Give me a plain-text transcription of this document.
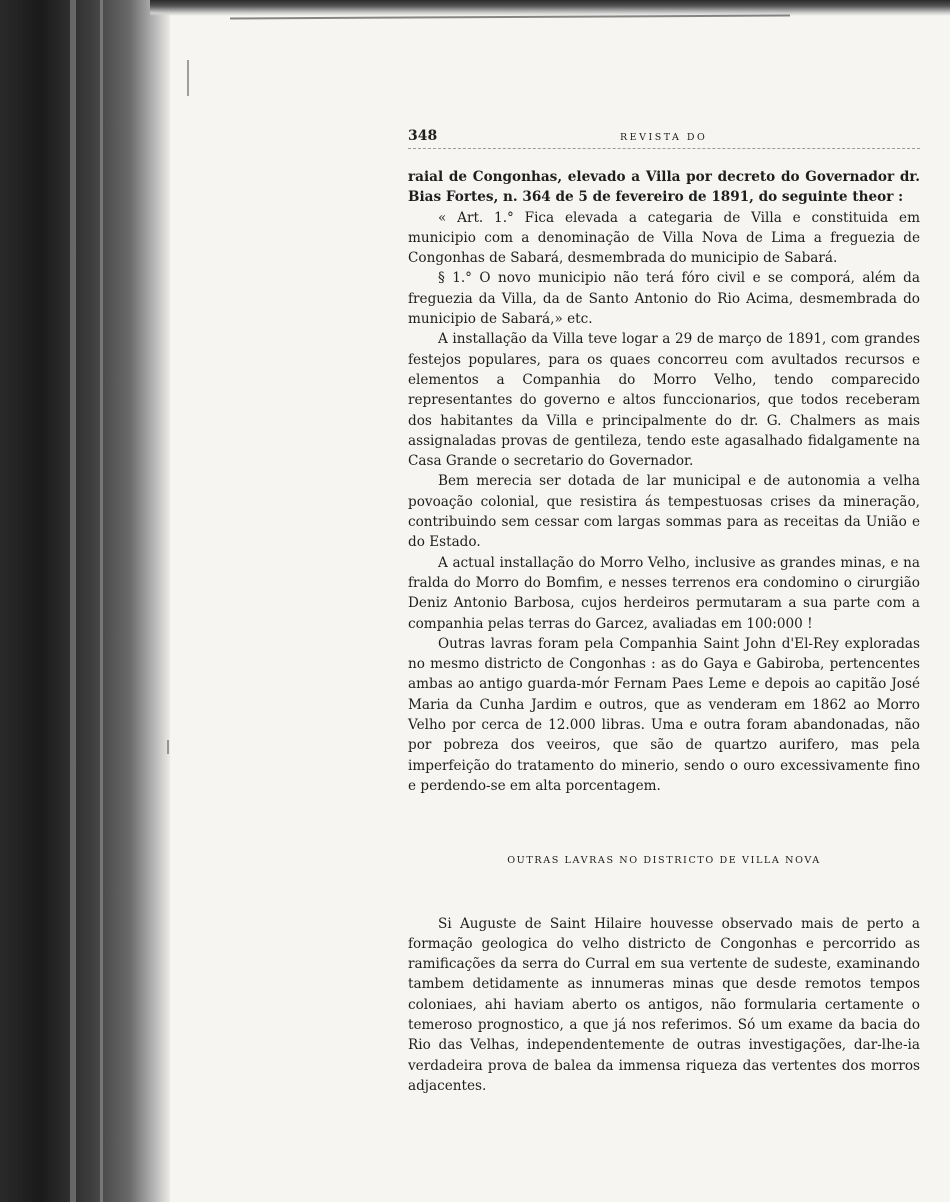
348	REVISTA DO

raial de Congonhas, elevado a Villa por decreto do Governador dr. Bias Fortes, n. 364 de 5 de fevereiro de 1891, do seguinte theor :

« Art. 1.° Fica elevada a categaria de Villa e constituida em municipio com a denominação de Villa Nova de Lima a freguezia de Congonhas de Sabará, desmembrada do municipio de Sabará.

§ 1.° O novo municipio não terá fóro civil e se comporá, além da freguezia da Villa, da de Santo Antonio do Rio Acima, desmembrada do municipio de Sabará,» etc.

A installação da Villa teve logar a 29 de março de 1891, com grandes festejos populares, para os quaes concorreu com avultados recursos e elementos a Companhia do Morro Velho, tendo comparecido representantes do governo e altos funccionarios, que todos receberam dos habitantes da Villa e principalmente do dr. G. Chalmers as mais assignaladas provas de gentileza, tendo este agasalhado fidalgamente na Casa Grande o secretario do Governador.

Bem merecia ser dotada de lar municipal e de autonomia a velha povoação colonial, que resistira ás tempestuosas crises da mineração, contribuindo sem cessar com largas sommas para as receitas da União e do Estado.

A actual installação do Morro Velho, inclusive as grandes minas, e na fralda do Morro do Bomfim, e nesses terrenos era condomino o cirurgião Deniz Antonio Barbosa, cujos herdeiros permutaram a sua parte com a companhia pelas terras do Garcez, avaliadas em 100:000 !

Outras lavras foram pela Companhia Saint John d'El-Rey exploradas no mesmo districto de Congonhas : as do Gaya e Gabiroba, pertencentes ambas ao antigo guarda-mór Fernam Paes Leme e depois ao capitão José Maria da Cunha Jardim e outros, que as venderam em 1862 ao Morro Velho por cerca de 12.000 libras. Uma e outra foram abandonadas, não por pobreza dos veeiros, que são de quartzo aurifero, mas pela imperfeição do tratamento do minerio, sendo o ouro excessivamente fino e perdendo-se em alta porcentagem.

OUTRAS LAVRAS NO DISTRICTO DE VILLA NOVA

Si Auguste de Saint Hilaire houvesse observado mais de perto a formação geologica do velho districto de Congonhas e percorrido as ramificações da serra do Curral em sua vertente de sudeste, examinando tambem detidamente as innumeras minas que desde remotos tempos coloniaes, ahi haviam aberto os antigos, não formularia certamente o temeroso prognostico, a que já nos referimos. Só um exame da bacia do Rio das Velhas, independentemente de outras investigações, dar-lhe-ia verdadeira prova de balea da immensa riqueza das vertentes dos morros adjacentes.
